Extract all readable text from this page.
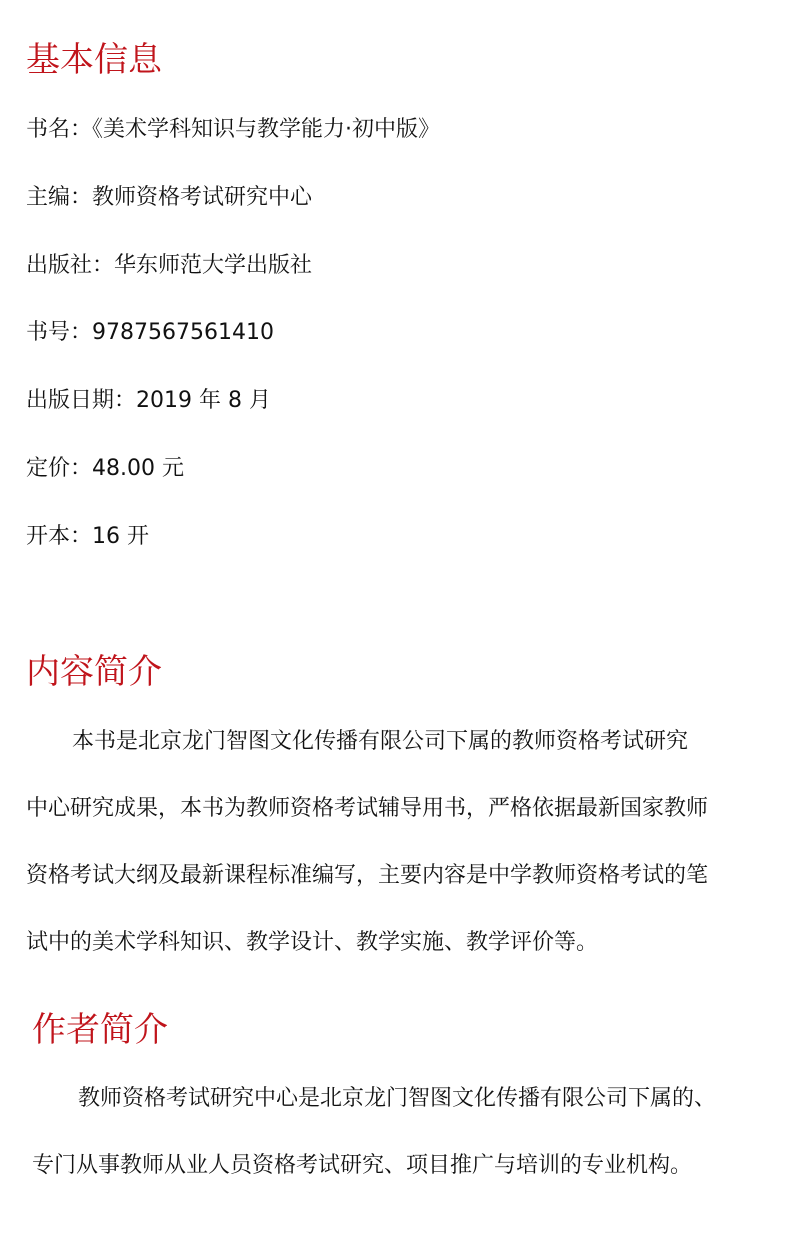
基本信息
书名：《美术学科知识与教学能力·初中版》
主编：教师资格考试研究中心
出版社：华东师范大学出版社
书号：9787567561410
出版日期：2019 年 8 月
定价：48.00 元
开本：16 开
内容简介
本书是北京龙门智图文化传播有限公司下属的教师资格考试研究
中心研究成果，本书为教师资格考试辅导用书，严格依据最新国家教师
资格考试大纲及最新课程标准编写，主要内容是中学教师资格考试的笔
试中的美术学科知识、教学设计、教学实施、教学评价等。
作者简介
教师资格考试研究中心是北京龙门智图文化传播有限公司下属的、
专门从事教师从业人员资格考试研究、项目推广与培训的专业机构。
